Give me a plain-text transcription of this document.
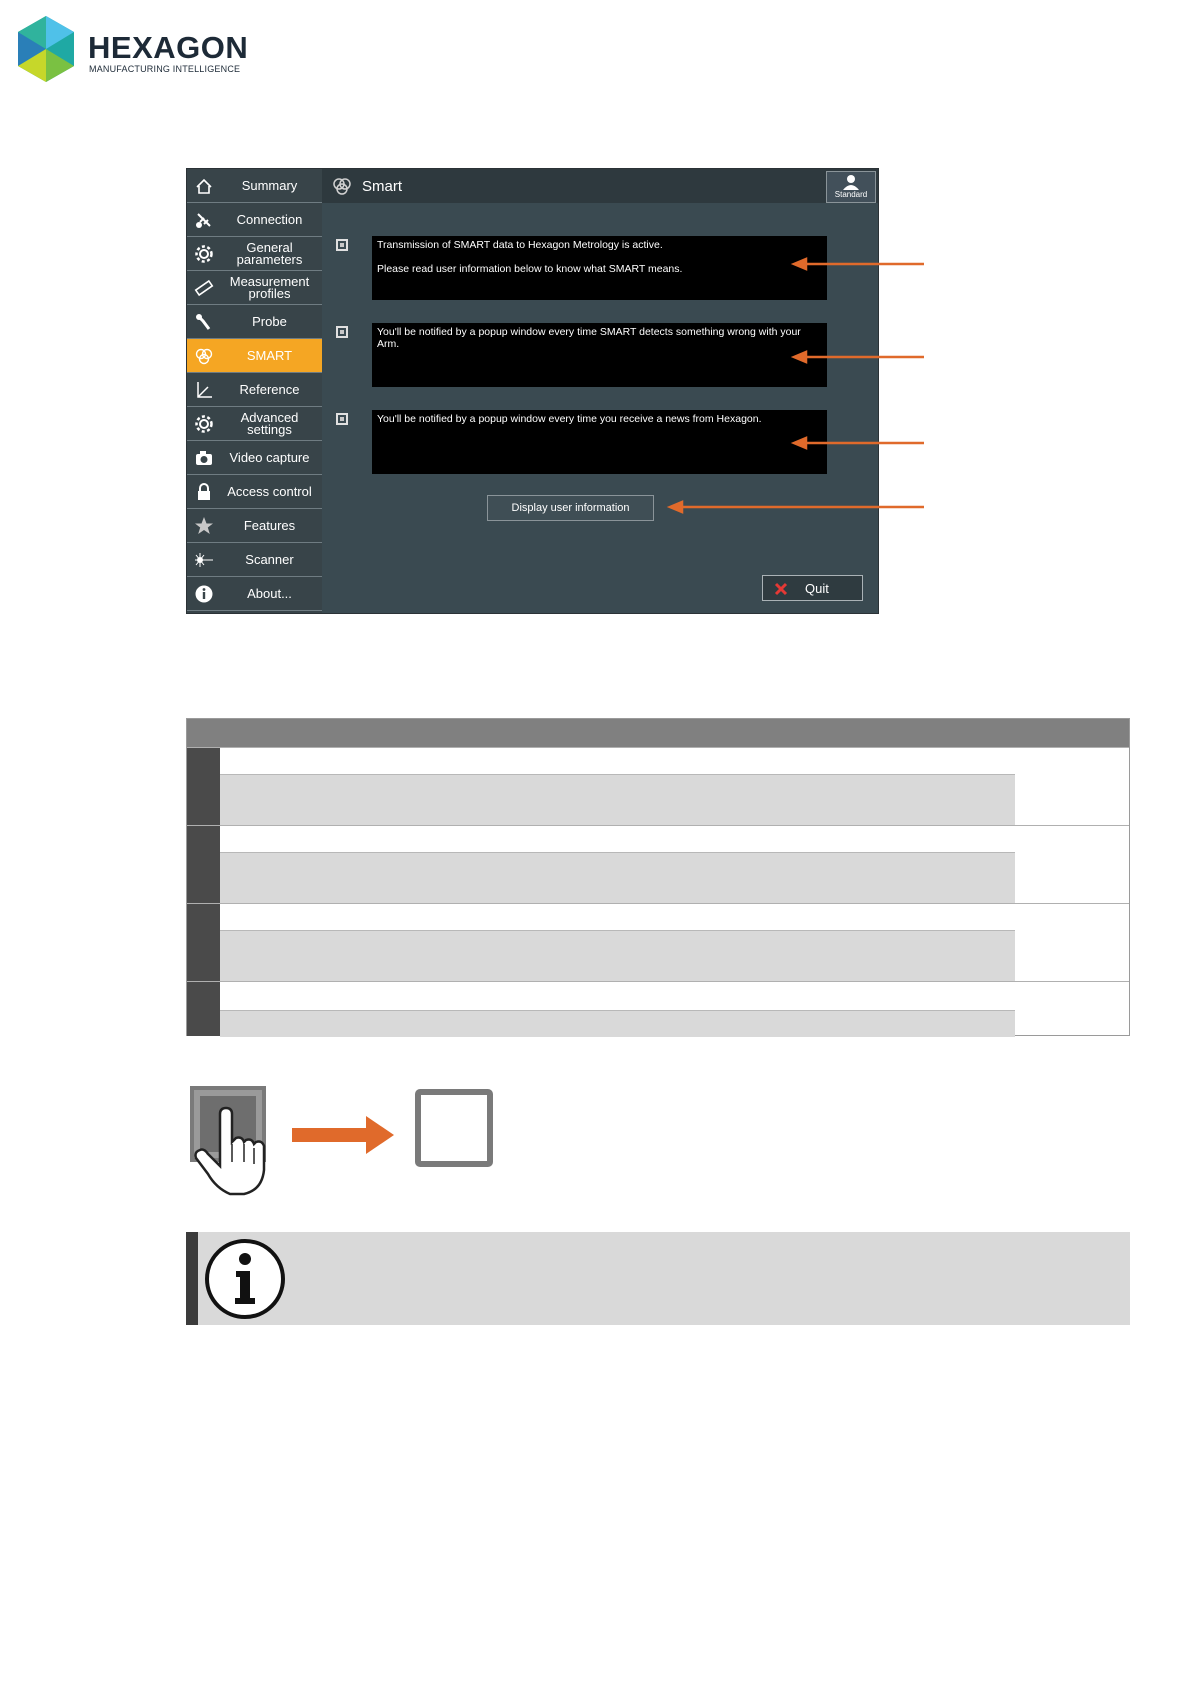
HEXAGON
MANUFACTURING INTELLIGENCE
Summary
Connection
General
parameters
Measurement
profiles
Probe
SMART
Reference
Advanced
settings
Video capture
Access control
Features
Scanner
About...
Smart	Standard
Transmission of SMART data to Hexagon Metrology is active.

Please read user information below to know what SMART means.
You'll be notified by a popup window every time SMART detects something wrong with your Arm.
You'll be notified by a popup window every time you receive a news from Hexagon.
Display user information
Quit
